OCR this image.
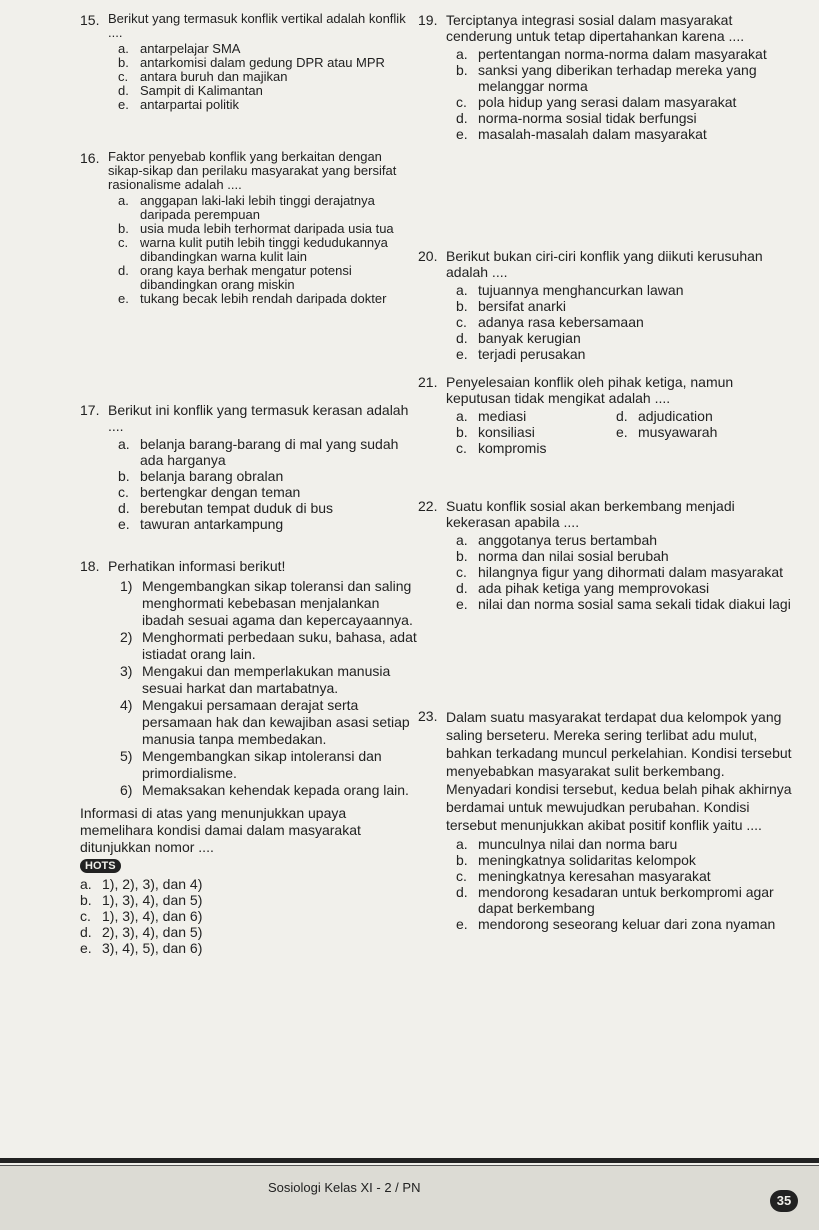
15. Berikut yang termasuk konflik vertikal adalah konflik ....
a. antarpelajar SMA
b. antarkomisi dalam gedung DPR atau MPR
c. antara buruh dan majikan
d. Sampit di Kalimantan
e. antarpartai politik
16. Faktor penyebab konflik yang berkaitan dengan sikap-sikap dan perilaku masyarakat yang bersifat rasionalisme adalah ....
a. anggapan laki-laki lebih tinggi derajatnya daripada perempuan
b. usia muda lebih terhormat daripada usia tua
c. warna kulit putih lebih tinggi kedudukannya dibandingkan warna kulit lain
d. orang kaya berhak mengatur potensi dibandingkan orang miskin
e. tukang becak lebih rendah daripada dokter
17. Berikut ini konflik yang termasuk kerasan adalah ....
a. belanja barang-barang di mal yang sudah ada harganya
b. belanja barang obralan
c. bertengkar dengan teman
d. berebutan tempat duduk di bus
e. tawuran antarkampung
18. Perhatikan informasi berikut!
1) Mengembangkan sikap toleransi dan saling menghormati kebebasan menjalankan ibadah sesuai agama dan kepercayaannya.
2) Menghormati perbedaan suku, bahasa, adat istiadat orang lain.
3) Mengakui dan memperlakukan manusia sesuai harkat dan martabatnya.
4) Mengakui persamaan derajat serta persamaan hak dan kewajiban asasi setiap manusia tanpa membedakan.
5) Mengembangkan sikap intoleransi dan primordialisme.
6) Memaksakan kehendak kepada orang lain.
Informasi di atas yang menunjukkan upaya memelihara kondisi damai dalam masyarakat ditunjukkan nomor ....
HOTS
a. 1), 2), 3), dan 4)
b. 1), 3), 4), dan 5)
c. 1), 3), 4), dan 6)
d. 2), 3), 4), dan 5)
e. 3), 4), 5), dan 6)
19. Terciptanya integrasi sosial dalam masyarakat cenderung untuk tetap dipertahankan karena ....
a. pertentangan norma-norma dalam masyarakat
b. sanksi yang diberikan terhadap mereka yang melanggar norma
c. pola hidup yang serasi dalam masyarakat
d. norma-norma sosial tidak berfungsi
e. masalah-masalah dalam masyarakat
20. Berikut bukan ciri-ciri konflik yang diikuti kerusuhan adalah ....
a. tujuannya menghancurkan lawan
b. bersifat anarki
c. adanya rasa kebersamaan
d. banyak kerugian
e. terjadi perusakan
21. Penyelesaian konflik oleh pihak ketiga, namun keputusan tidak mengikat adalah ....
a. mediasi
b. konsiliasi
c. kompromis
d. adjudication
e. musyawarah
22. Suatu konflik sosial akan berkembang menjadi kekerasan apabila ....
a. anggotanya terus bertambah
b. norma dan nilai sosial berubah
c. hilangnya figur yang dihormati dalam masyarakat
d. ada pihak ketiga yang memprovokasi
e. nilai dan norma sosial sama sekali tidak diakui lagi
23. Dalam suatu masyarakat terdapat dua kelompok yang saling berseteru. Mereka sering terlibat adu mulut, bahkan terkadang muncul perkelahian. Kondisi tersebut menyebabkan masyarakat sulit berkembang. Menyadari kondisi tersebut, kedua belah pihak akhirnya berdamai untuk mewujudkan perubahan. Kondisi tersebut menunjukkan akibat positif konflik yaitu ....
a. munculnya nilai dan norma baru
b. meningkatnya solidaritas kelompok
c. meningkatnya keresahan masyarakat
d. mendorong kesadaran untuk berkompromi agar dapat berkembang
e. mendorong seseorang keluar dari zona nyaman
Sosiologi Kelas XI - 2 / PN
35
